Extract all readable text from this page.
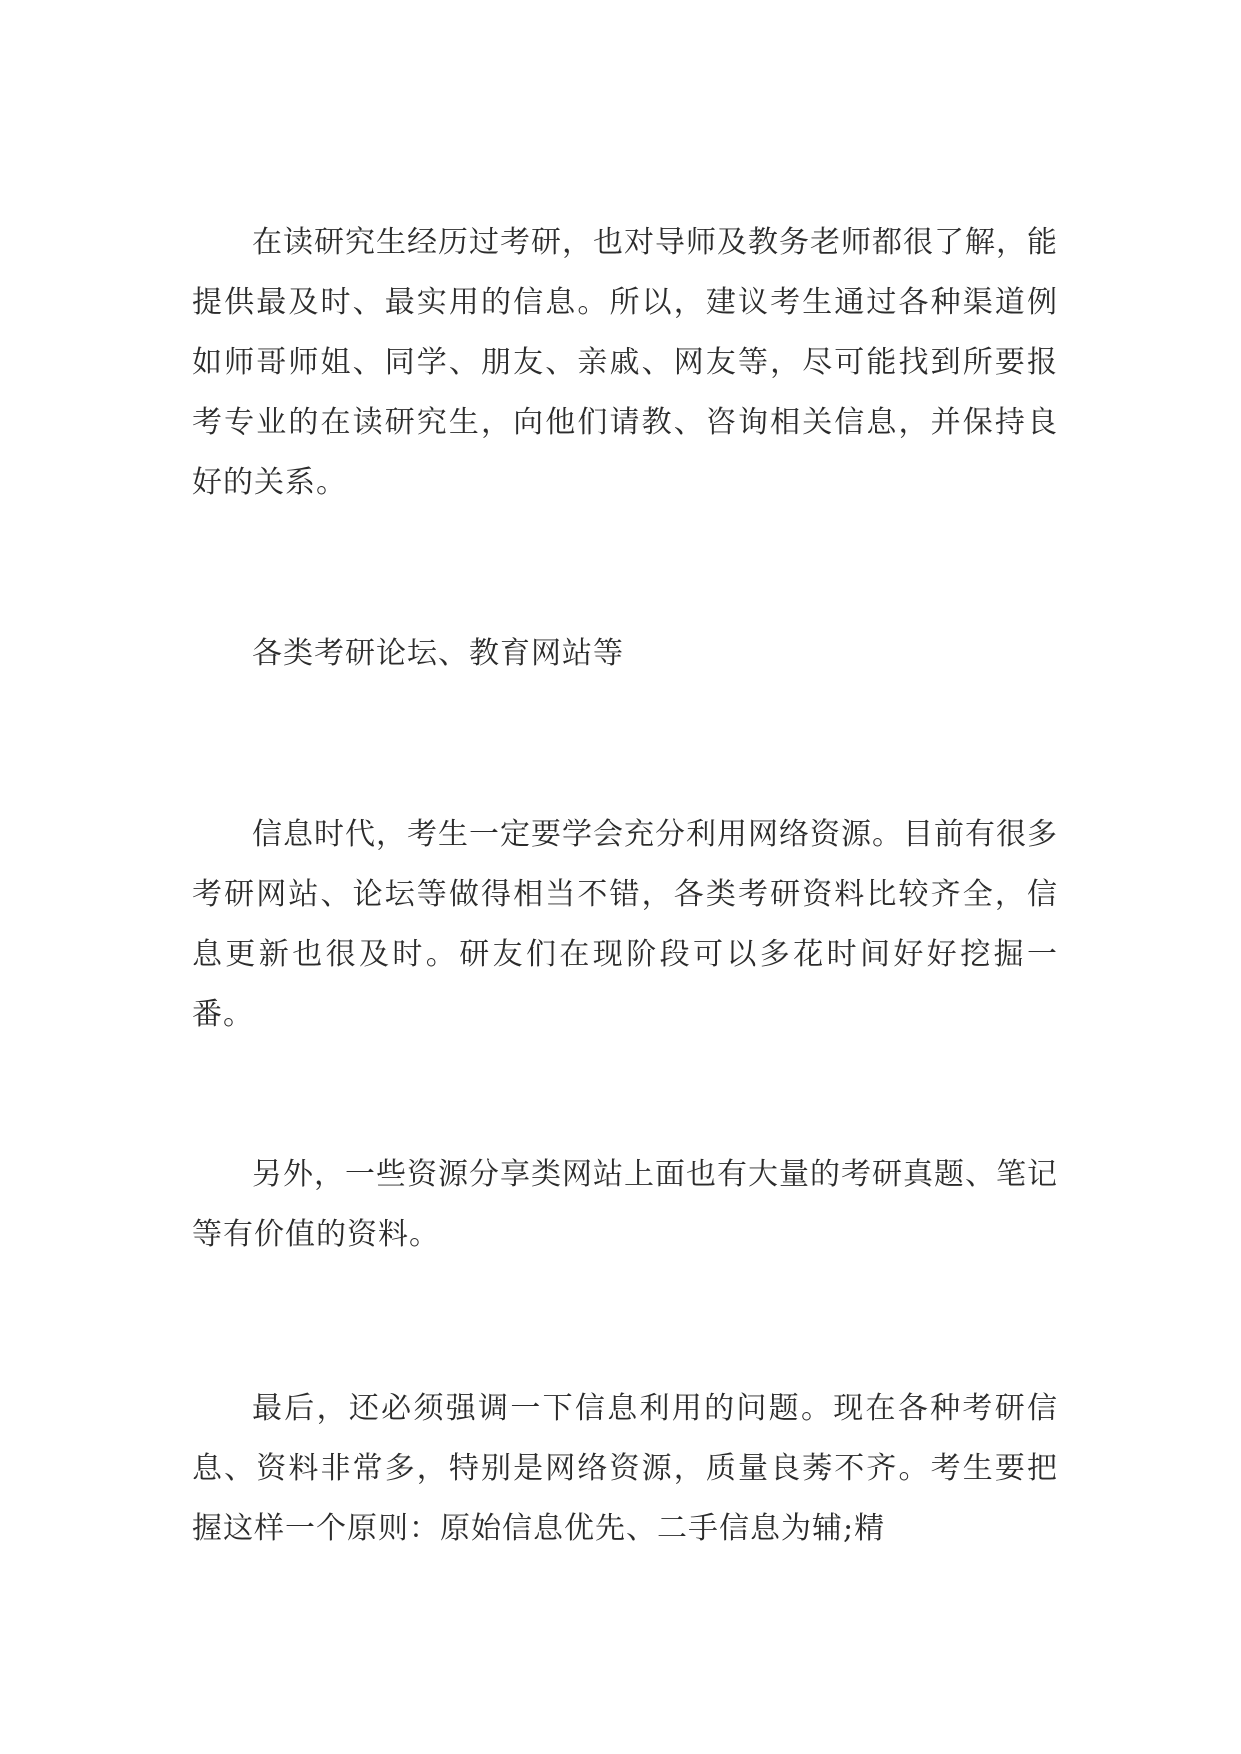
在读研究生经历过考研，也对导师及教务老师都很了解，能提供最及时、最实用的信息。所以，建议考生通过各种渠道例如师哥师姐、同学、朋友、亲戚、网友等，尽可能找到所要报考专业的在读研究生，向他们请教、咨询相关信息，并保持良好的关系。

各类考研论坛、教育网站等

信息时代，考生一定要学会充分利用网络资源。目前有很多考研网站、论坛等做得相当不错，各类考研资料比较齐全，信息更新也很及时。研友们在现阶段可以多花时间好好挖掘一番。

另外，一些资源分享类网站上面也有大量的考研真题、笔记等有价值的资料。

最后，还必须强调一下信息利用的问题。现在各种考研信息、资料非常多，特别是网络资源，质量良莠不齐。考生要把握这样一个原则：原始信息优先、二手信息为辅;精
